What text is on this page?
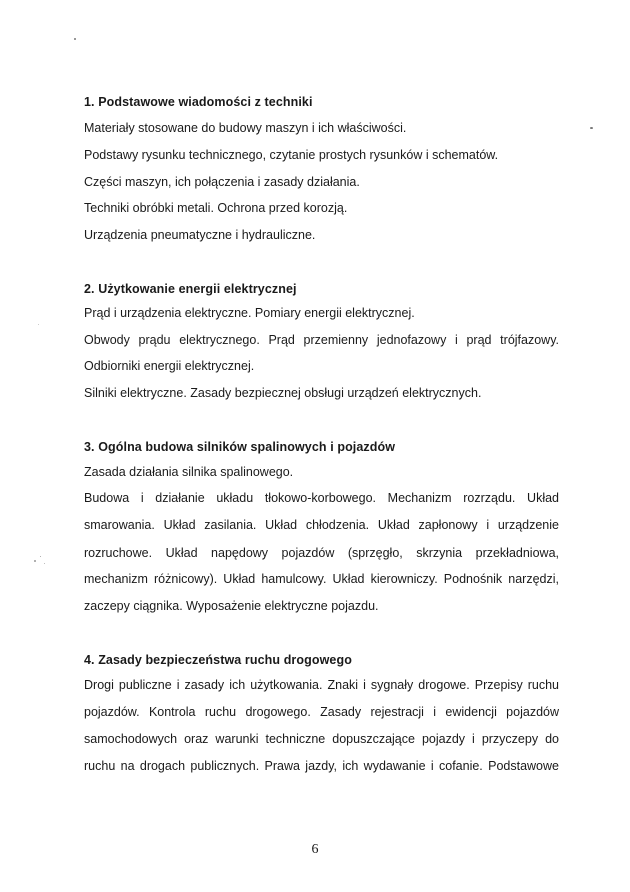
1. Podstawowe wiadomości z techniki
Materiały stosowane do budowy maszyn i ich właściwości.
Podstawy rysunku technicznego, czytanie prostych rysunków i schematów.
Części maszyn, ich połączenia i zasady działania.
Techniki obróbki metali. Ochrona przed korozją.
Urządzenia pneumatyczne i hydrauliczne.
2. Użytkowanie energii elektrycznej
Prąd i urządzenia elektryczne. Pomiary energii elektrycznej.
Obwody prądu elektrycznego. Prąd przemienny jednofazowy i prąd trójfazowy.
Odbiorniki energii elektrycznej.
Silniki elektryczne. Zasady bezpiecznej obsługi urządzeń elektrycznych.
3. Ogólna budowa silników spalinowych i pojazdów
Zasada działania silnika spalinowego.
Budowa i działanie układu tłokowo-korbowego. Mechanizm rozrządu. Układ
smarowania. Układ zasilania. Układ chłodzenia. Układ zapłonowy i urządzenie
rozruchowe. Układ napędowy pojazdów (sprzęgło, skrzynia przekładniowa,
mechanizm różnicowy). Układ hamulcowy. Układ kierowniczy. Podnośnik narzędzi,
zaczepy ciągnika. Wyposażenie elektryczne pojazdu.
4. Zasady bezpieczeństwa ruchu drogowego
Drogi publiczne i zasady ich użytkowania. Znaki i sygnały drogowe. Przepisy ruchu
pojazdów. Kontrola ruchu drogowego. Zasady rejestracji i ewidencji pojazdów
samochodowych oraz warunki techniczne dopuszczające pojazdy i przyczepy do
ruchu na drogach publicznych. Prawa jazdy, ich wydawanie i cofanie. Podstawowe
6
